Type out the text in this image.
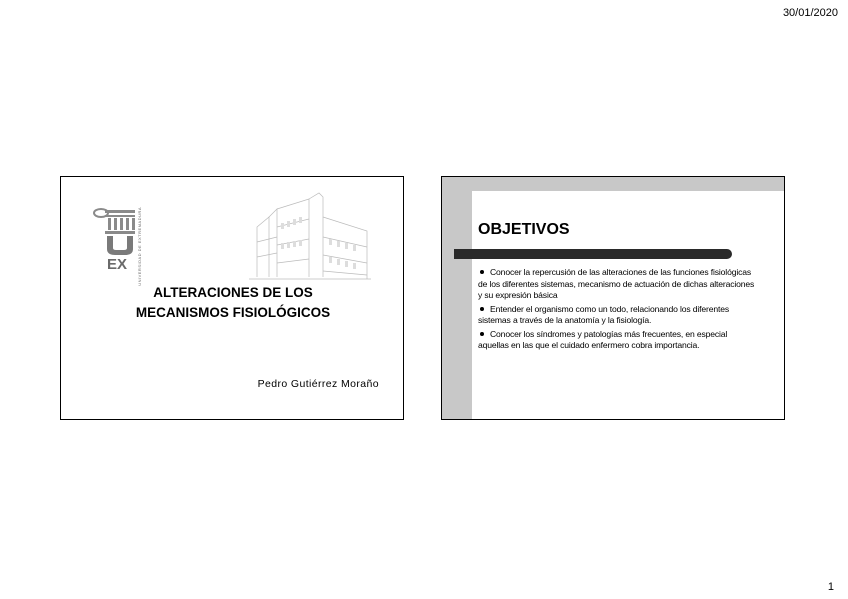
30/01/2020
EX UNIVERSIDAD DE EXTREMADURA
ALTERACIONES DE LOS
MECANISMOS FISIOLÓGICOS
Pedro Gutiérrez Moraño
OBJETIVOS
Conocer la repercusión de las alteraciones de las funciones fisiológicas de los diferentes sistemas, mecanismo de actuación de dichas alteraciones y su expresión básica
Entender el organismo como un todo, relacionando los diferentes sistemas a través de la anatomía y la fisiología.
Conocer los síndromes y patologías más frecuentes, en especial aquellas en las que el cuidado enfermero cobra importancia.
1
